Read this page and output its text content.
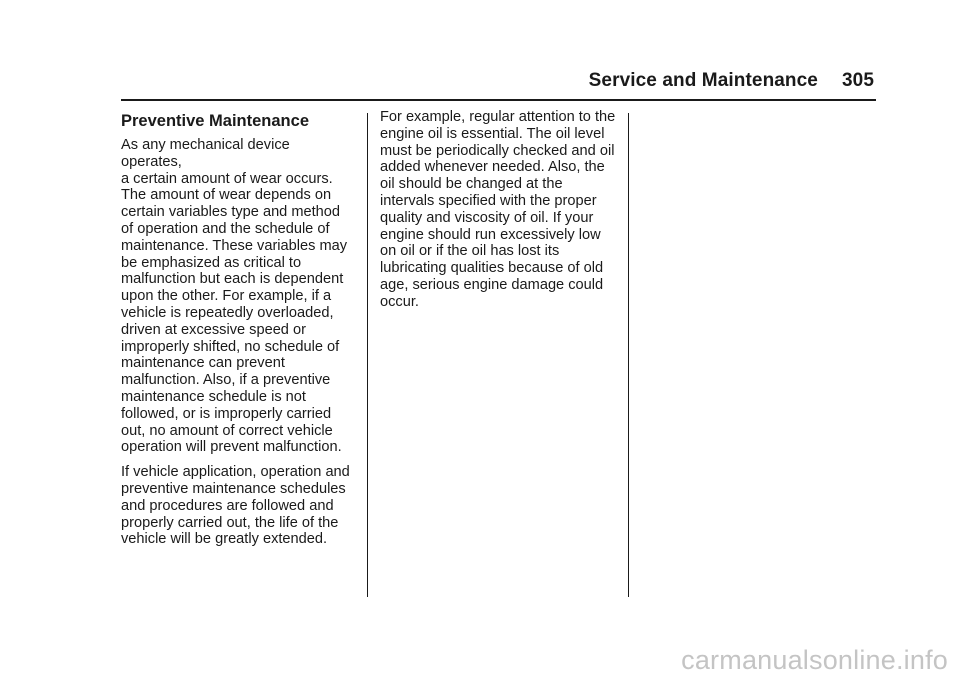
Service and Maintenance 305
Preventive Maintenance

As any mechanical device operates,
a certain amount of wear occurs.
The amount of wear depends on
certain variables type and method
of operation and the schedule of
maintenance. These variables may
be emphasized as critical to
malfunction but each is dependent
upon the other. For example, if a
vehicle is repeatedly overloaded,
driven at excessive speed or
improperly shifted, no schedule of
maintenance can prevent
malfunction. Also, if a preventive
maintenance schedule is not
followed, or is improperly carried
out, no amount of correct vehicle
operation will prevent malfunction.

If vehicle application, operation and
preventive maintenance schedules
and procedures are followed and
properly carried out, the life of the
vehicle will be greatly extended.

For example, regular attention to the
engine oil is essential. The oil level
must be periodically checked and oil
added whenever needed. Also, the
oil should be changed at the
intervals specified with the proper
quality and viscosity of oil. If your
engine should run excessively low
on oil or if the oil has lost its
lubricating qualities because of old
age, serious engine damage could
occur.

carmanualsonline.info
